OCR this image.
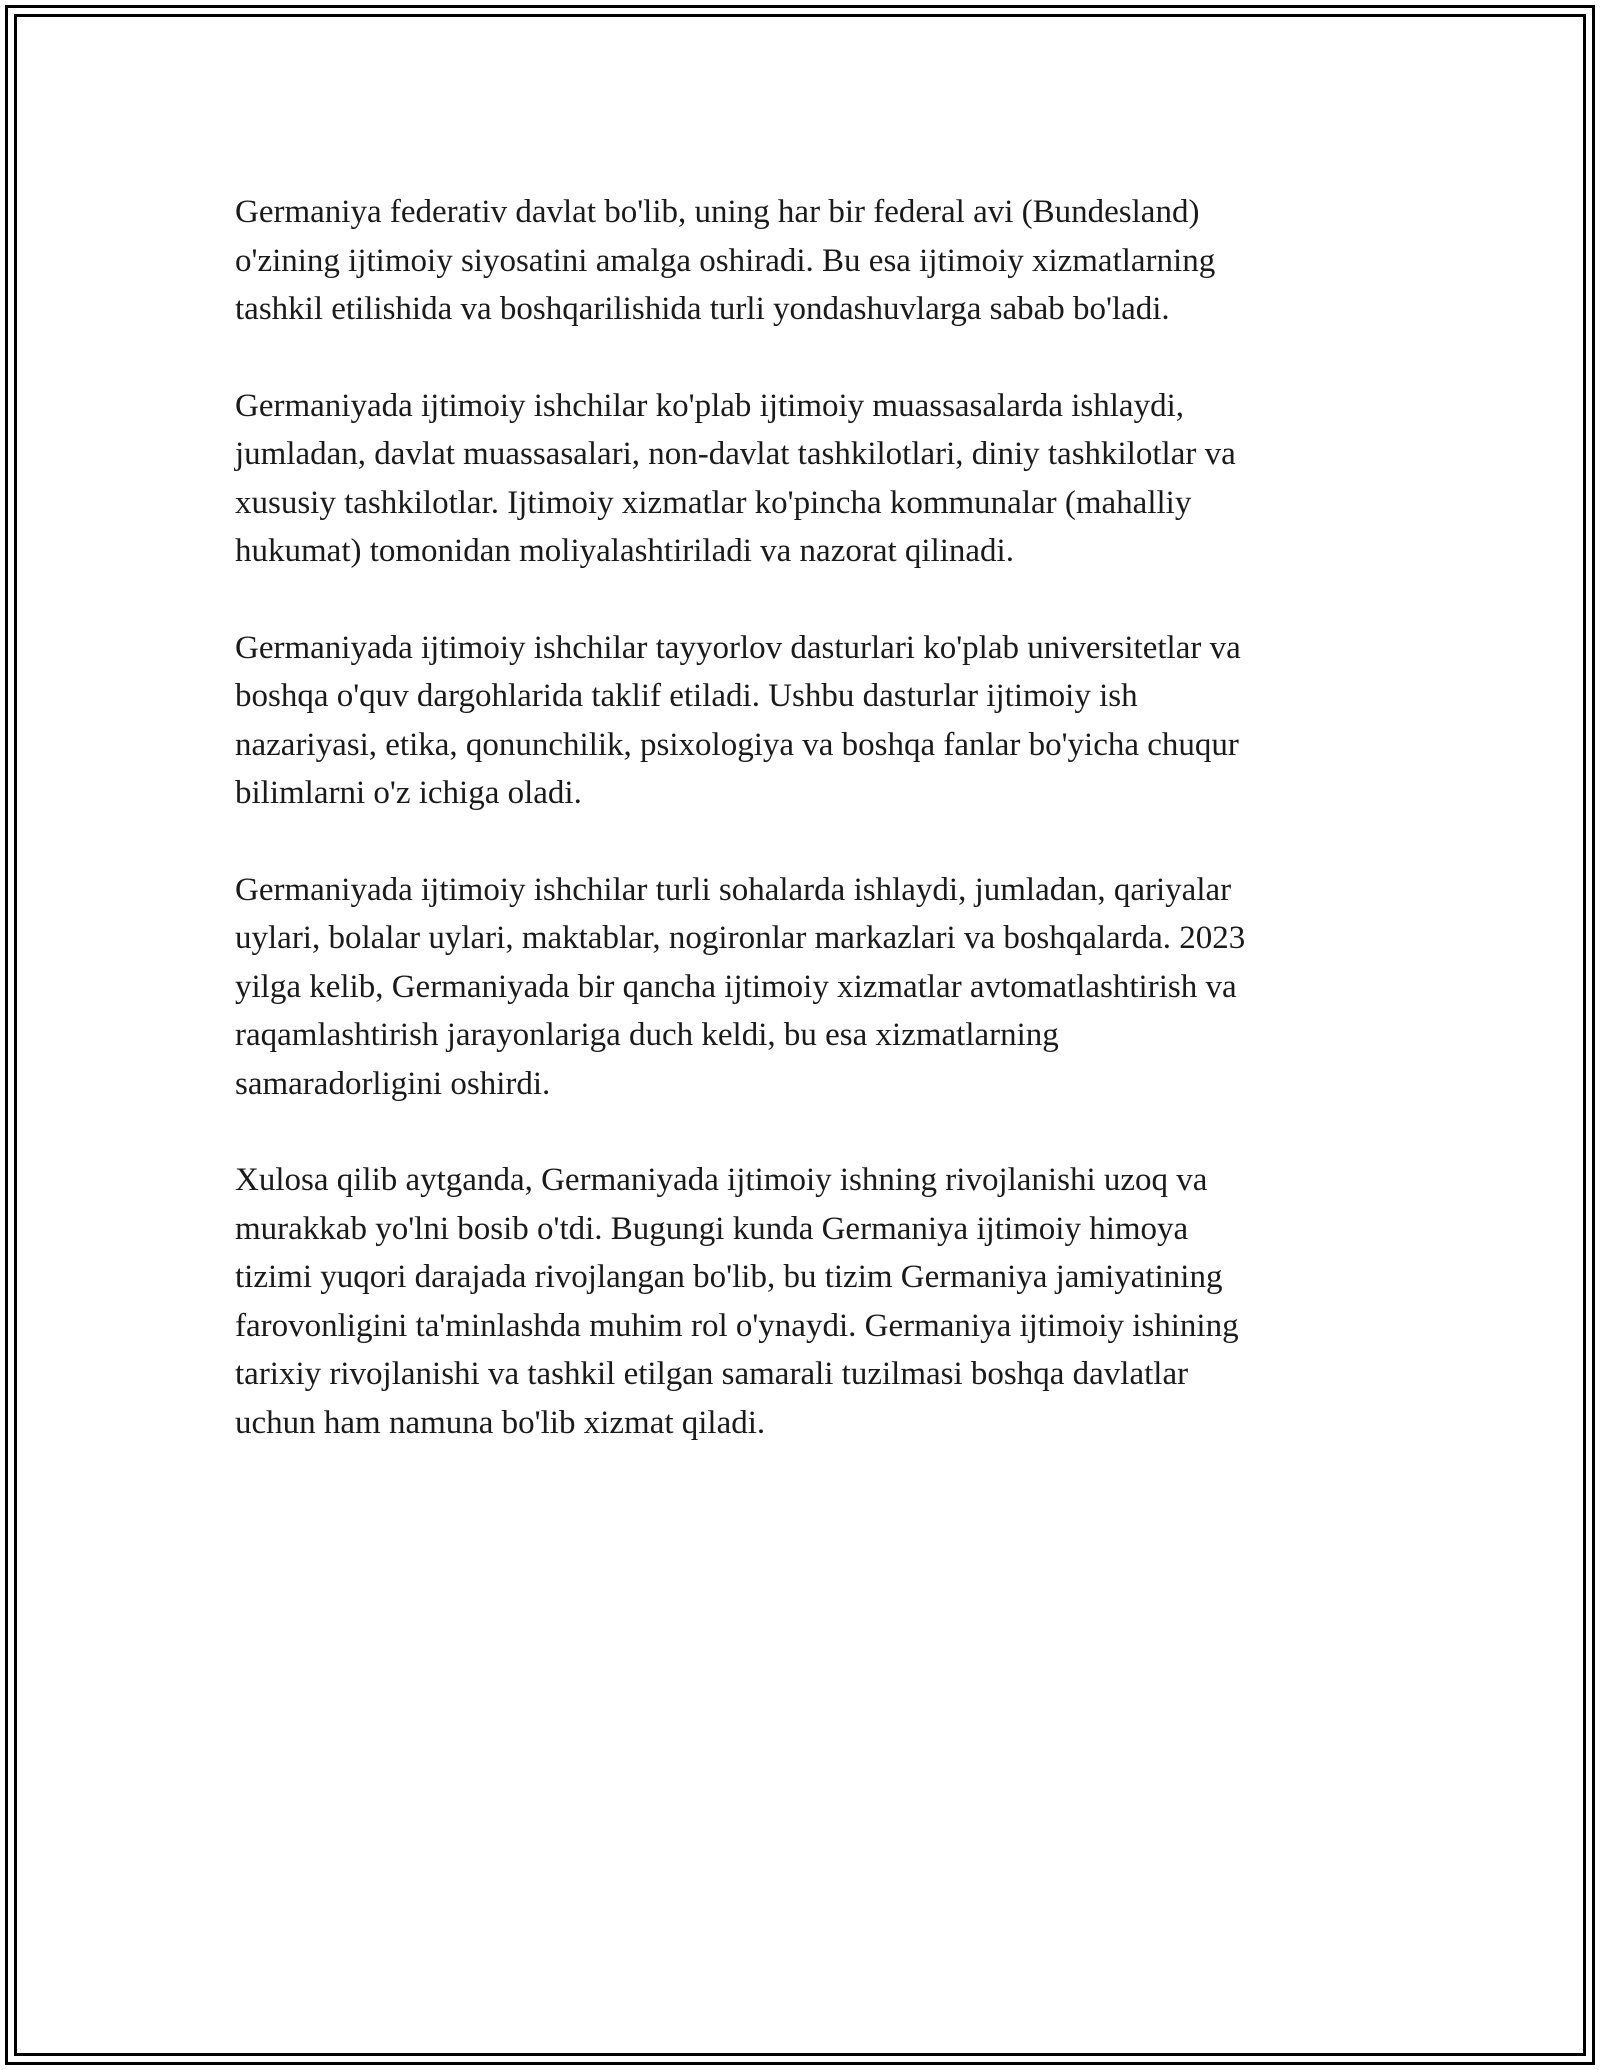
Germaniya federativ davlat bo'lib, uning har bir federal avi (Bundesland)
o'zining ijtimoiy siyosatini amalga oshiradi. Bu esa ijtimoiy xizmatlarning
tashkil etilishida va boshqarilishida turli yondashuvlarga sabab bo'ladi.

Germaniyada ijtimoiy ishchilar ko'plab ijtimoiy muassasalarda ishlaydi,
jumladan, davlat muassasalari, non-davlat tashkilotlari, diniy tashkilotlar va
xususiy tashkilotlar. Ijtimoiy xizmatlar ko'pincha kommunalar (mahalliy
hukumat) tomonidan moliyalashtiriladi va nazorat qilinadi.

Germaniyada ijtimoiy ishchilar tayyorlov dasturlari ko'plab universitetlar va
boshqa o'quv dargohlarida taklif etiladi. Ushbu dasturlar ijtimoiy ish
nazariyasi, etika, qonunchilik, psixologiya va boshqa fanlar bo'yicha chuqur
bilimlarni o'z ichiga oladi.

Germaniyada ijtimoiy ishchilar turli sohalarda ishlaydi, jumladan, qariyalar
uylari, bolalar uylari, maktablar, nogironlar markazlari va boshqalarda. 2023
yilga kelib, Germaniyada bir qancha ijtimoiy xizmatlar avtomatlashtirish va
raqamlashtirish jarayonlariga duch keldi, bu esa xizmatlarning
samaradorligini oshirdi.

Xulosa qilib aytganda, Germaniyada ijtimoiy ishning rivojlanishi uzoq va
murakkab yo'lni bosib o'tdi. Bugungi kunda Germaniya ijtimoiy himoya
tizimi yuqori darajada rivojlangan bo'lib, bu tizim Germaniya jamiyatining
farovonligini ta'minlashda muhim rol o'ynaydi. Germaniya ijtimoiy ishining
tarixiy rivojlanishi va tashkil etilgan samarali tuzilmasi boshqa davlatlar
uchun ham namuna bo'lib xizmat qiladi.
